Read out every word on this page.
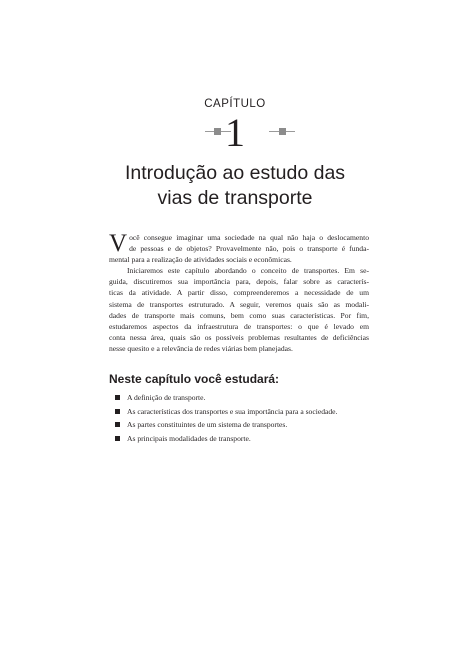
CAPÍTULO
1
Introdução ao estudo das
vias de transporte
V ocê consegue imaginar uma sociedade na qual não haja o deslocamento
de pessoas e de objetos? Provavelmente não, pois o transporte é funda-
mental para a realização de atividades sociais e econômicas.
Iniciaremos este capítulo abordando o conceito de transportes. Em se-
guida, discutiremos sua importância para, depois, falar sobre as caracterís-
ticas da atividade. A partir disso, compreenderemos a necessidade de um
sistema de transportes estruturado. A seguir, veremos quais são as modali-
dades de transporte mais comuns, bem como suas características. Por fim,
estudaremos aspectos da infraestrutura de transportes: o que é levado em
conta nessa área, quais são os possíveis problemas resultantes de deficiências
nesse quesito e a relevância de redes viárias bem planejadas.
Neste capítulo você estudará:
A definição de transporte.
As características dos transportes e sua importância para a sociedade.
As partes constituintes de um sistema de transportes.
As principais modalidades de transporte.
